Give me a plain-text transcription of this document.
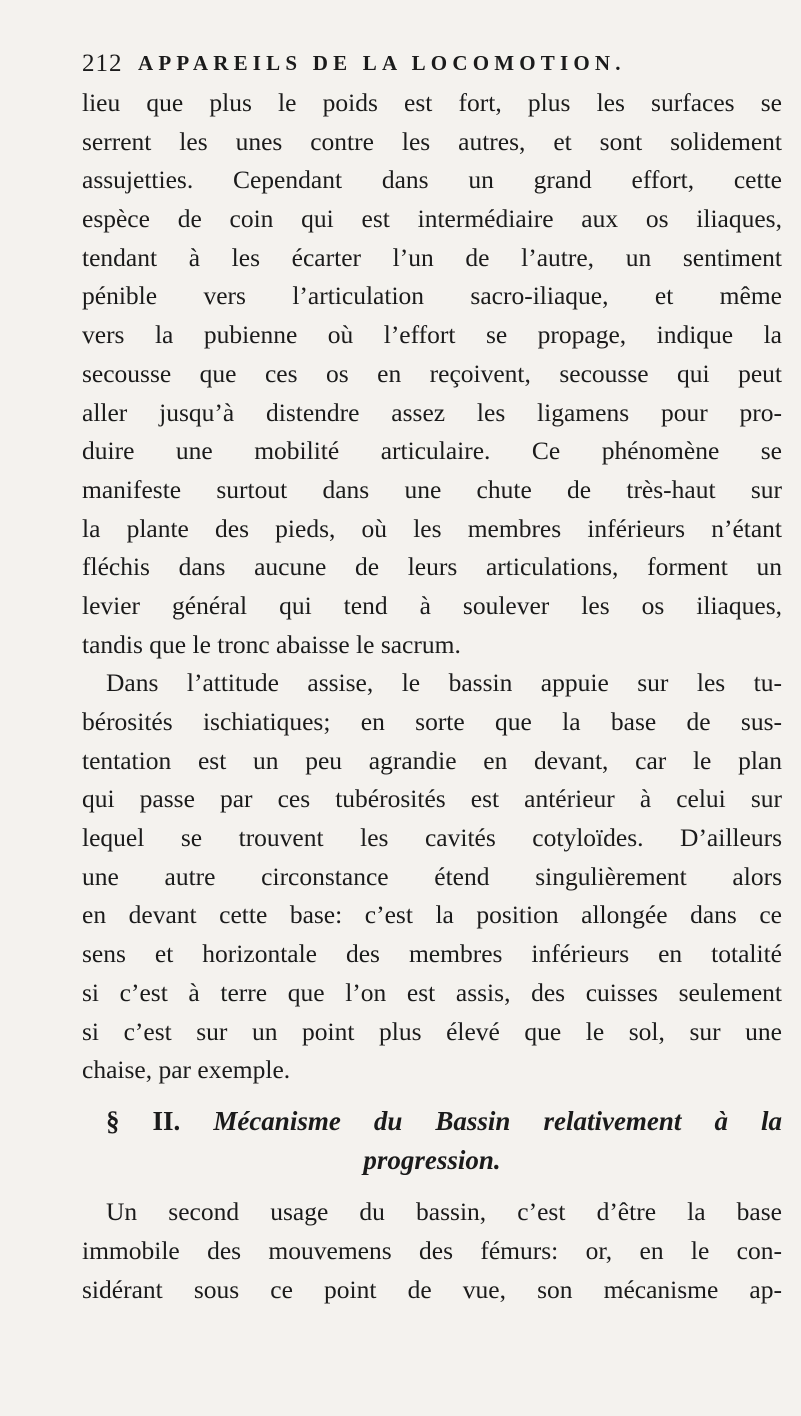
212 APPAREILS DE LA LOCOMOTION.
lieu que plus le poids est fort, plus les surfaces se
serrent les unes contre les autres, et sont solidement
assujetties. Cependant dans un grand effort, cette
espèce de coin qui est intermédiaire aux os iliaques,
tendant à les écarter l’un de l’autre, un sentiment
pénible vers l’articulation sacro-iliaque, et même
vers la pubienne où l’effort se propage, indique la
secousse que ces os en reçoivent, secousse qui peut
aller jusqu’à distendre assez les ligamens pour pro-
duire une mobilité articulaire. Ce phénomène se
manifeste surtout dans une chute de très-haut sur
la plante des pieds, où les membres inférieurs n’étant
fléchis dans aucune de leurs articulations, forment un
levier général qui tend à soulever les os iliaques,
tandis que le tronc abaisse le sacrum.
Dans l’attitude assise, le bassin appuie sur les tu-
bérosités ischiatiques; en sorte que la base de sus-
tentation est un peu agrandie en devant, car le plan
qui passe par ces tubérosités est antérieur à celui sur
lequel se trouvent les cavités cotyloïdes. D’ailleurs
une autre circonstance étend singulièrement alors
en devant cette base: c’est la position allongée dans ce
sens et horizontale des membres inférieurs en totalité
si c’est à terre que l’on est assis, des cuisses seulement
si c’est sur un point plus élevé que le sol, sur une
chaise, par exemple.
§ II. Mécanisme du Bassin relativement à la
progression.
Un second usage du bassin, c’est d’être la base
immobile des mouvemens des fémurs: or, en le con-
sidérant sous ce point de vue, son mécanisme ap-
